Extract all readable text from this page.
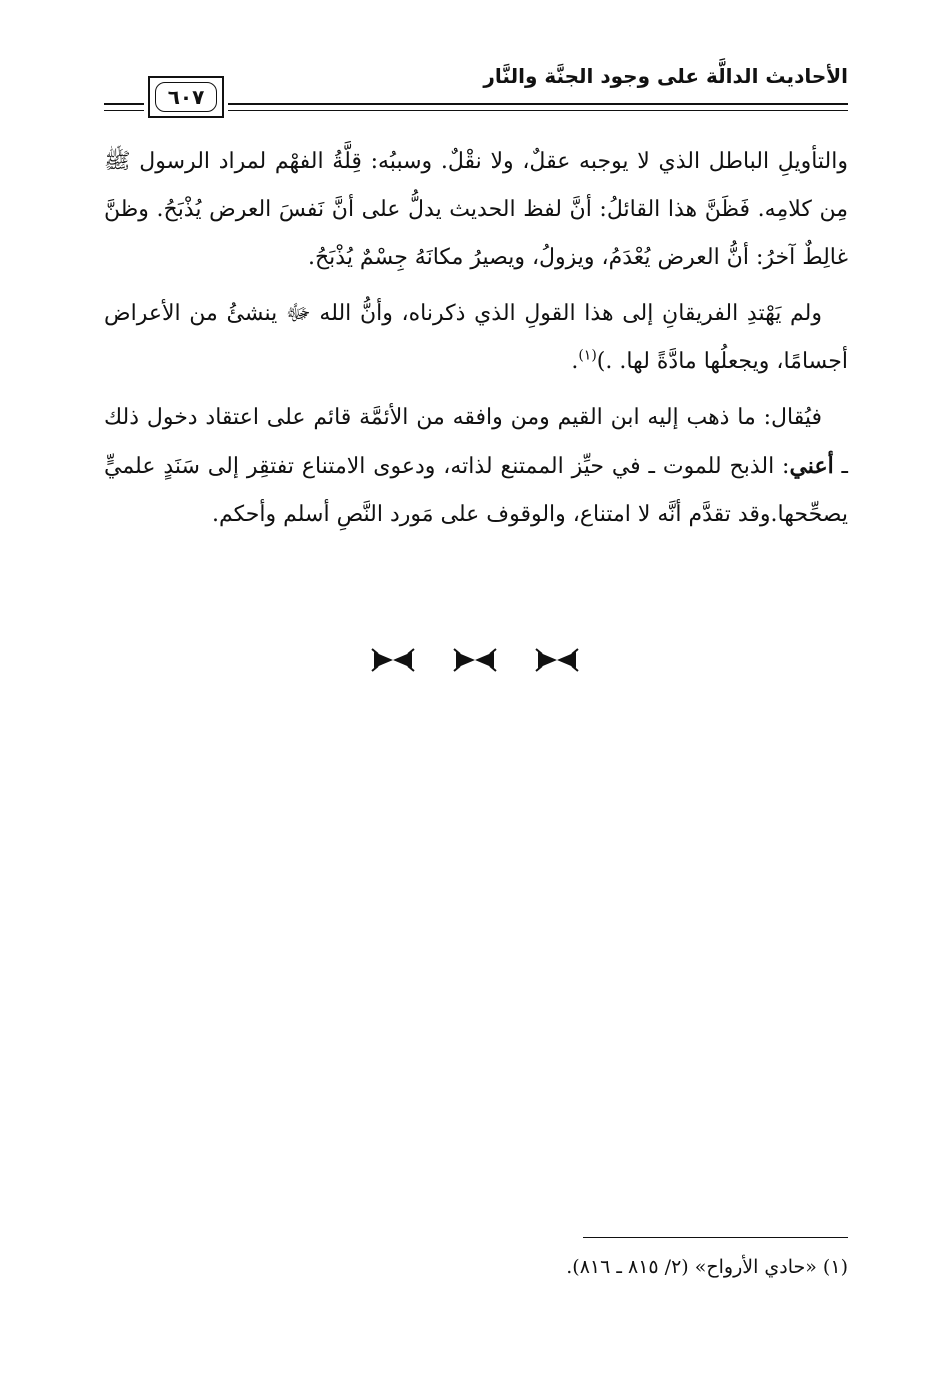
الأحاديث الدالَّة على وجود الجنَّة والنَّار
٦٠٧

والتأويلِ الباطل الذي لا يوجبه عقلٌ، ولا نقْلٌ. وسببُه: قِلَّةُ الفهْم لمراد الرسول ﷺ مِن كلامِه. فَظَنَّ هذا القائلُ: أنَّ لفظ الحديث يدلُّ على أنَّ نَفسَ العرض يُذْبَحُ. وظنَّ غالِطٌ آخرُ: أنُّ العرض يُعْدَمُ، ويزولُ، ويصيرُ مكانَهُ جِسْمٌ يُذْبَحُ.

ولم يَهْتدِ الفريقانِ إلى هذا القولِ الذي ذكرناه، وأنُّ الله ﷻ ينشئُ من الأعراض أجسامًا، ويجعلُها مادَّةً لها. .)$^{(١)}$.

فيُقال: ما ذهب إليه ابن القيم ومن وافقه من الأئمَّة قائم على اعتقاد دخول ذلك ـ أعني: الذبح للموت ـ في حيِّز الممتنع لذاته، ودعوى الامتناع تفتقِر إلى سَنَدٍ علميٍّ يصحِّحها.وقد تقدَّم أنَّه لا امتناع، والوقوف على مَورد النَّصِ أسلم وأحكم.

(١) «حادي الأرواح» (٢/ ٨١٥ ـ ٨١٦).
